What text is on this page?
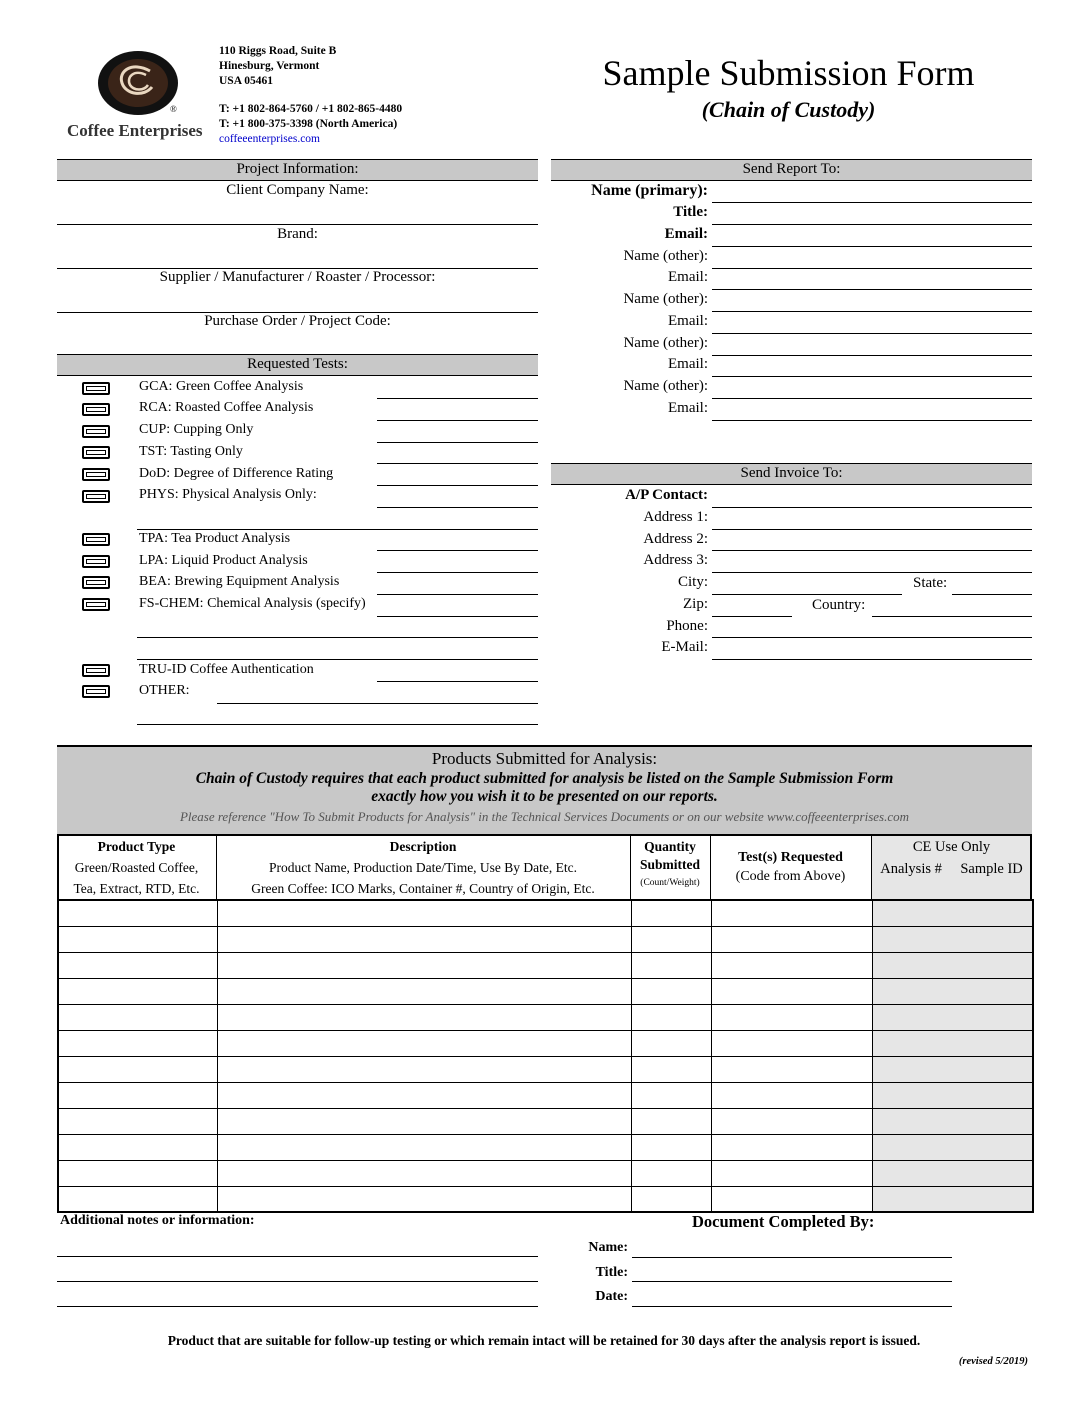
®
Coffee Enterprises
110 Riggs Road, Suite B
Hinesburg, Vermont
USA 05461
T: +1 802-864-5760 / +1 802-865-4480
T: +1 800-375-3398 (North America)
coffeeenterprises.com
Sample Submission Form
(Chain of Custody)
Project Information:
Client Company Name:
Brand:
Supplier / Manufacturer / Roaster / Processor:
Purchase Order / Project Code:
Requested Tests:
GCA: Green Coffee Analysis
RCA: Roasted Coffee Analysis
CUP: Cupping Only
TST: Tasting Only
DoD: Degree of Difference Rating
PHYS: Physical Analysis Only:
TPA: Tea Product Analysis
LPA: Liquid Product Analysis
BEA: Brewing Equipment Analysis
FS-CHEM: Chemical Analysis (specify)
TRU-ID Coffee Authentication
OTHER:
Send Report To:
Name (primary):
Title:
Email:
Name (other):
Email:
Name (other):
Email:
Name (other):
Email:
Name (other):
Email:
Send Invoice To:
A/P Contact:
Address 1:
Address 2:
Address 3:
City:	State:
Zip:	Country:
Phone:
E-Mail:
Products Submitted for Analysis:
Chain of Custody requires that each product submitted for analysis be listed on the Sample Submission Form
exactly how you wish it to be presented on our reports.
Please reference "How To Submit Products for Analysis" in the Technical Services Documents or on our website www.coffeeenterprises.com
Product Type
Green/Roasted Coffee,
Tea, Extract, RTD, Etc.
Description
Product Name, Production Date/Time, Use By Date, Etc.
Green Coffee: ICO Marks, Container #, Country of Origin, Etc.
Quantity
Submitted
(Count/Weight)
Test(s) Requested
(Code from Above)
CE Use Only
Analysis # Sample ID

Additional notes or information:	Document Completed By:
Name:
Title:
Date:
Product that are suitable for follow-up testing or which remain intact will be retained for 30 days after the analysis report is issued.
(revised 5/2019)
